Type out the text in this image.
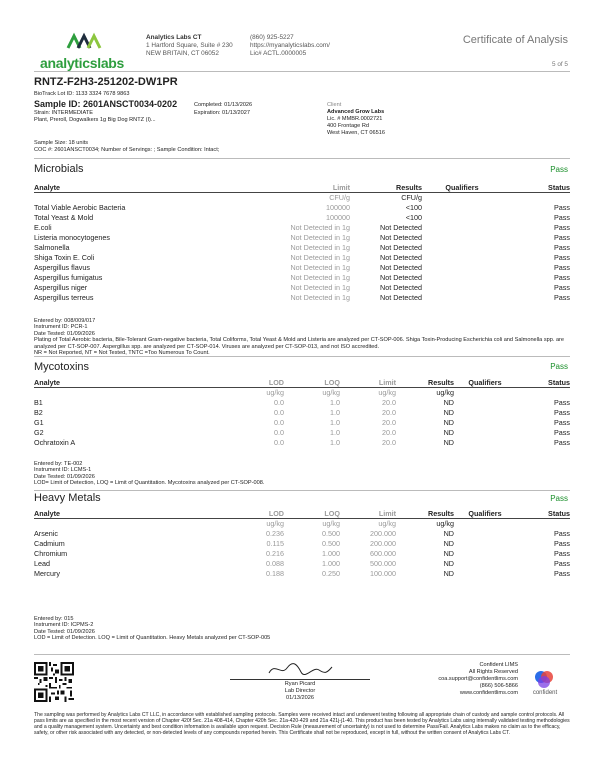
analyticslabs
Analytics Labs CT
1 Hartford Square, Suite # 230
NEW BRITAIN, CT 06052
(860) 925-5227
https://myanalyticslabs.com/
Lic# ACTL.0000005
Certificate of Analysis
5 of 5
RNTZ-F2H3-251202-DW1PR
BioTrack Lot ID: 1133 3324 7678 9863
Sample ID: 2601ANSCT0034-0202
Strain: INTERMEDIATE
Plant, Preroll, Dogwalkers 1g Big Dog RNTZ (I)...
Completed: 01/13/2026
Expiration: 01/13/2027
Client
Advanced Grow Labs
Lic. # MMBR.0002721
400 Frontage Rd
West Haven, CT 06516
Sample Size: 18 units
COC #: 2601ANSCT0034; Number of Servings: ; Sample Condition: Intact;
Microbials	Pass
Analyte	Limit	Results	Qualifiers	Status
	CFU/g	CFU/g		
Total Viable Aerobic Bacteria	100000	<100		Pass
Total Yeast & Mold	100000	<100		Pass
E.coli	Not Detected in 1g	Not Detected		Pass
Listeria monocytogenes	Not Detected in 1g	Not Detected		Pass
Salmonella	Not Detected in 1g	Not Detected		Pass
Shiga Toxin E. Coli	Not Detected in 1g	Not Detected		Pass
Aspergillus flavus	Not Detected in 1g	Not Detected		Pass
Aspergillus fumigatus	Not Detected in 1g	Not Detected		Pass
Aspergillus niger	Not Detected in 1g	Not Detected		Pass
Aspergillus terreus	Not Detected in 1g	Not Detected		Pass
Entered by: 008/009/017
Instrument ID: PCR-1
Date Tested: 01/09/2026
Plating of Total Aerobic bacteria, Bile-Tolerant Gram-negative bacteria, Total Coliforms, Total Yeast & Mold and Listeria are analyzed per CT-SOP-006. Shiga Toxin-Producing Escherichia coli and Salmonella spp. are analyzed per CT-SOP-007. Aspergillus spp. are analyzed per CT-SOP-014. Viruses are analyzed per CT-SOP-013, and not ISO accredited.
NR = Not Reported, NT = Not Tested, TNTC =Too Numerous To Count.
Mycotoxins	Pass
Analyte	LOD	LOQ	Limit	Results	Qualifiers	Status
	ug/kg	ug/kg	ug/kg	ug/kg		
B1	0.0	1.0	20.0	ND		Pass
B2	0.0	1.0	20.0	ND		Pass
G1	0.0	1.0	20.0	ND		Pass
G2	0.0	1.0	20.0	ND		Pass
Ochratoxin A	0.0	1.0	20.0	ND		Pass
Entered by: TE-002
Instrument ID: LCMS-1
Date Tested: 01/09/2026
LOD= Limit of Detection, LOQ = Limit of Quantitation. Mycotoxins analyzed per CT-SOP-008.
Heavy Metals	Pass
Analyte	LOD	LOQ	Limit	Results	Qualifiers	Status
	ug/kg	ug/kg	ug/kg	ug/kg		
Arsenic	0.236	0.500	200.000	ND		Pass
Cadmium	0.115	0.500	200.000	ND		Pass
Chromium	0.216	1.000	600.000	ND		Pass
Lead	0.088	1.000	500.000	ND		Pass
Mercury	0.188	0.250	100.000	ND		Pass
Entered by: 015
Instrument ID: ICPMS-2
Date Tested: 01/09/2026
LOD = Limit of Detection. LOQ = Limit of Quantitation. Heavy Metals analyzed per CT-SOP-005
Ryan Picard
Lab Director
01/13/2026
Confident LIMS
All Rights Reserved
coa.support@confidentlims.com
(866) 506-5866
www.confidentlims.com	confident
The sampling was performed by Analytics Labs CT LLC, in accordance with established sampling protocols. Samples were received intact and underwent testing following all appropriate chain of custody and sample control protocols. All pass limits are as specified in the most recent version of Chapter 420f Sec. 21a 408-414, Chapter 420h Sec. 21a-420-429 and 21a 421j-j1-40. This product has been tested by Analytics Labs using internally validated testing methodologies and a quality management system. Uncertainty and best condition information is available upon request. Decision Rule (measurement of uncertainty) is not used to determine Pass/Fail. Analytics Labs makes no claim as to the efficacy, safety, or other risk associated with any detected, or non-detected levels of any compounds reported herein. This Certificate shall not be reproduced, except in full, without the written consent of Analytics Labs CT.
